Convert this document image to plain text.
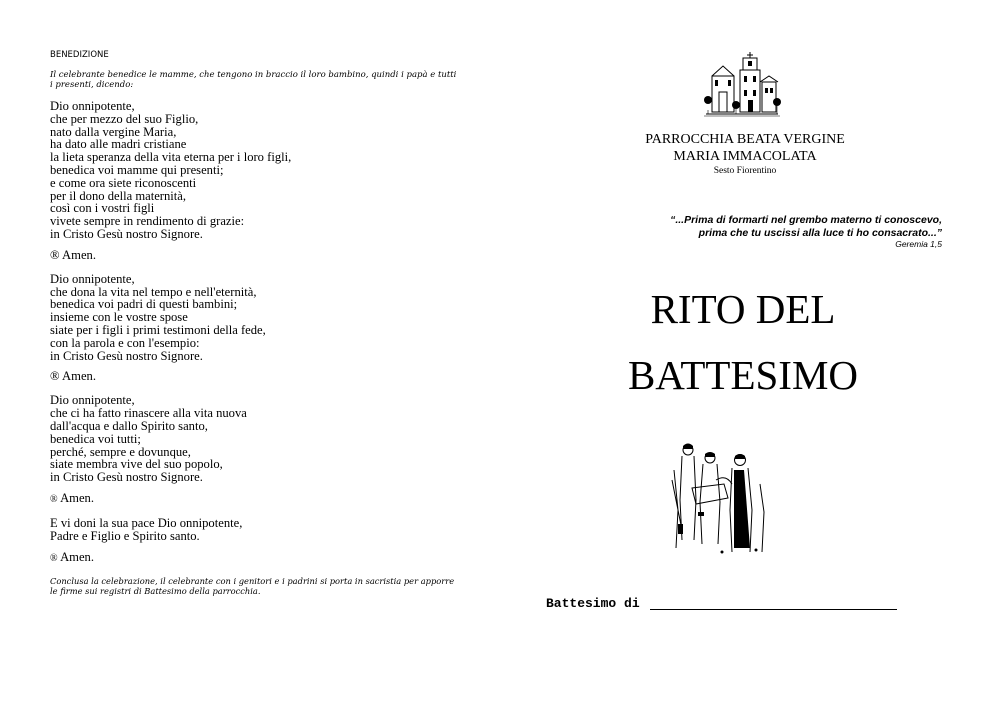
BENEDIZIONE
Il celebrante benedice le mamme, che tengono in braccio il loro bambino, quindi i papà e tutti i presenti, dicendo:
Dio onnipotente,
che per mezzo del suo Figlio,
nato dalla vergine Maria,
ha dato alle madri cristiane
la lieta speranza della vita eterna per i loro figli,
benedica voi mamme qui presenti;
e come ora siete riconoscenti
per il dono della maternità,
così con i vostri figli
vivete sempre in rendimento di grazie:
in Cristo Gesù nostro Signore.
® Amen.
Dio onnipotente,
che dona la vita nel tempo e nell'eternità,
benedica voi padri di questi bambini;
insieme con le vostre spose
siate per i figli i primi testimoni della fede,
con la parola e con l'esempio:
in Cristo Gesù nostro Signore.
® Amen.
Dio onnipotente,
che ci ha fatto rinascere alla vita nuova
dall'acqua e dallo Spirito santo,
benedica voi tutti;
perché, sempre e dovunque,
siate membra vive del suo popolo,
in Cristo Gesù nostro Signore.
® Amen.
E vi doni la sua pace Dio onnipotente,
Padre e Figlio e Spirito santo.
® Amen.
Conclusa la celebrazione, il celebrante con i genitori e i padrini si porta in sacristia per apporre le firme sui registri di Battesimo della parrocchia.
PARROCCHIA BEATA VERGINE
MARIA IMMACOLATA
Sesto Fiorentino
“...Prima di formarti nel grembo materno ti conoscevo,
prima che tu uscissi alla luce ti ho consacrato...”
Geremia 1,5
RITO DEL
BATTESIMO
Battesimo di
